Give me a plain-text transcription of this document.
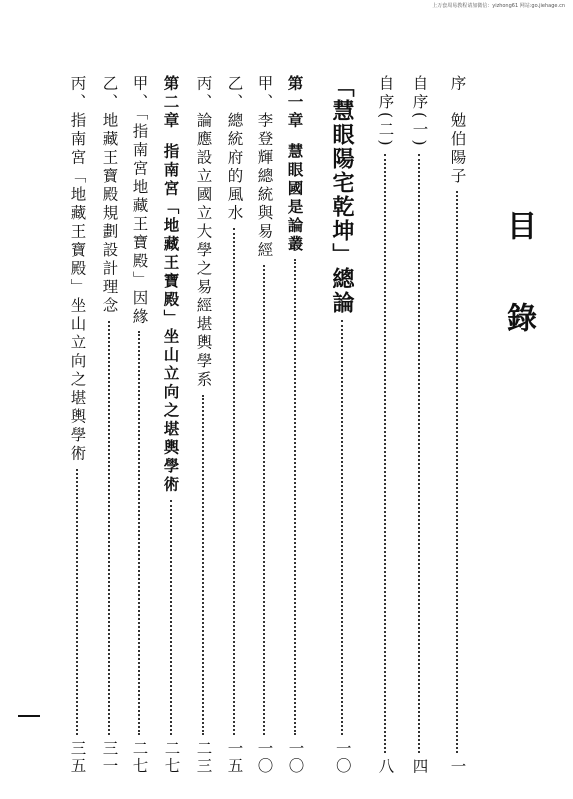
上万套周易教程请加微信：yizhong61 网站:go.jiehage.cn
目錄
序　勉伯陽子
一
自序(一)
四
自序(二)
八
「慧眼陽宅乾坤」總論
一〇
第一章
慧眼國是論叢
一〇
甲、李登輝總統與易經
一〇
乙、總統府的風水
一五
丙、論應設立國立大學之易經堪輿學系
二三
第二章
指南宮「地藏王寶殿」坐山立向之堪輿學術
二七
甲、「指南宮地藏王寶殿」因緣
二七
乙、地藏王寶殿規劃設計理念
三一
丙、指南宮「地藏王寶殿」坐山立向之堪輿學術
三五
